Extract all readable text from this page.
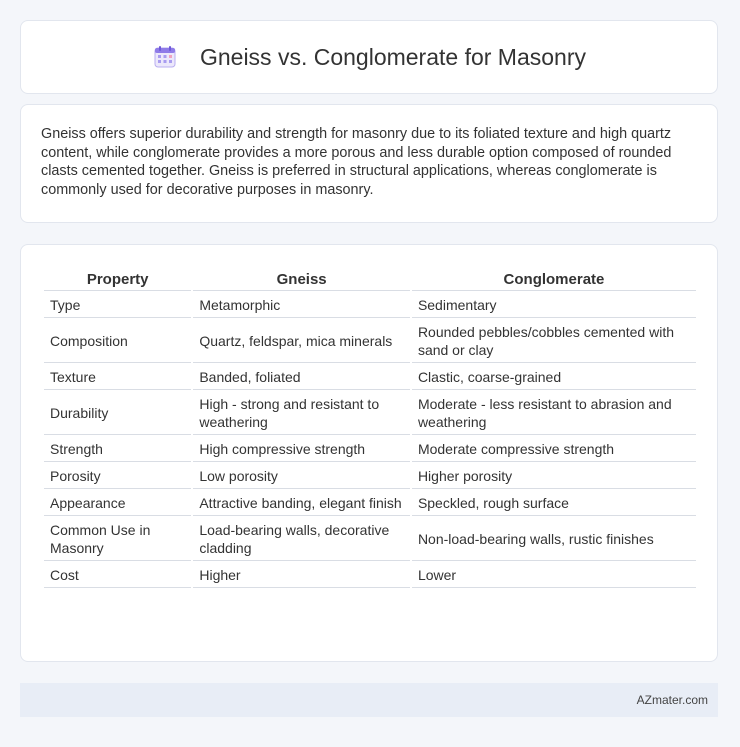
Gneiss vs. Conglomerate for Masonry

Gneiss offers superior durability and strength for masonry due to its foliated texture and high quartz content, while conglomerate provides a more porous and less durable option composed of rounded clasts cemented together. Gneiss is preferred in structural applications, whereas conglomerate is commonly used for decorative purposes in masonry.

Property	Gneiss	Conglomerate
Type	Metamorphic	Sedimentary
Composition	Quartz, feldspar, mica minerals	Rounded pebbles/cobbles cemented with sand or clay
Texture	Banded, foliated	Clastic, coarse-grained
Durability	High - strong and resistant to weathering	Moderate - less resistant to abrasion and weathering
Strength	High compressive strength	Moderate compressive strength
Porosity	Low porosity	Higher porosity
Appearance	Attractive banding, elegant finish	Speckled, rough surface
Common Use in Masonry	Load-bearing walls, decorative cladding	Non-load-bearing walls, rustic finishes
Cost	Higher	Lower
AZmater.com
